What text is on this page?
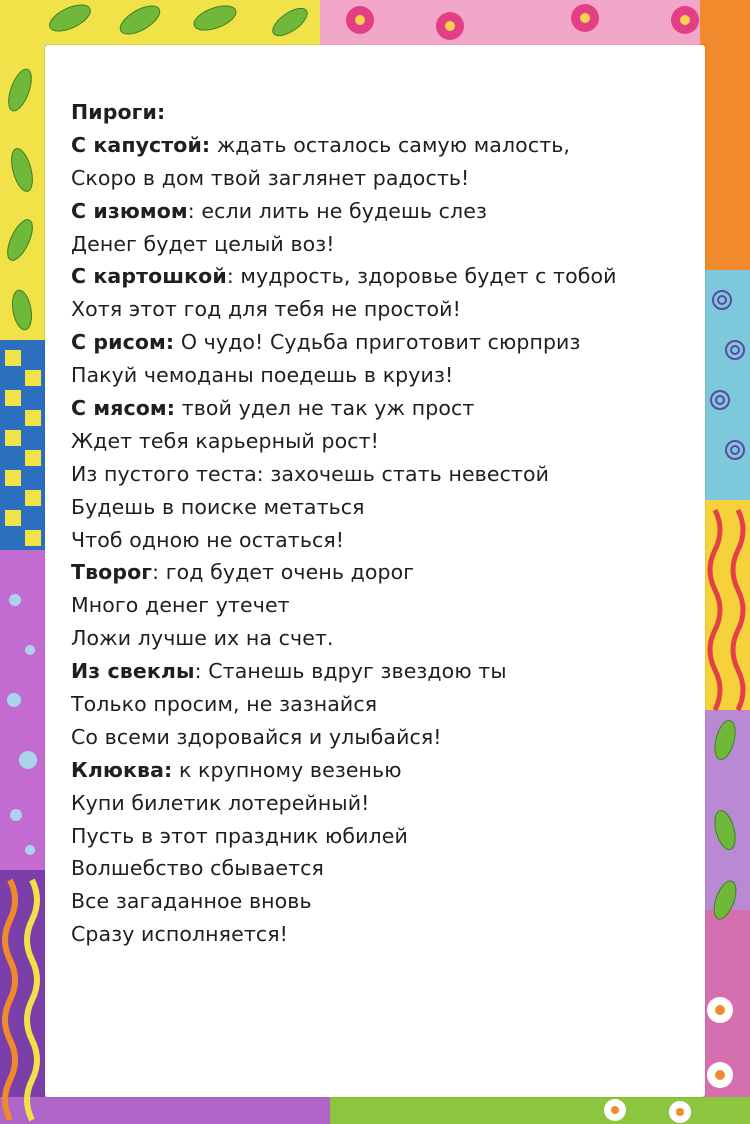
Пироги:
С капустой: ждать осталось самую малость,
Скоро в дом твой заглянет радость!
С изюмом: если лить не будешь слез
Денег будет целый воз!
С картошкой: мудрость, здоровье будет с тобой
Хотя этот год для тебя не простой!
С рисом: О чудо! Судьба приготовит сюрприз
Пакуй чемоданы поедешь в круиз!
С мясом: твой удел не так уж прост
Ждет тебя карьерный рост!
Из пустого теста: захочешь стать невестой
Будешь в поиске метаться
Чтоб одною не остаться!
Творог: год будет очень дорог
Много денег утечет
Ложи лучше их на счет.
Из свеклы: Станешь вдруг звездою ты
Только просим, не зазнайся
Со всеми здоровайся и улыбайся!
Клюква: к крупному везенью
Купи билетик лотерейный!
Пусть в этот праздник юбилей
Волшебство сбывается
Все загаданное вновь
Сразу исполняется!
